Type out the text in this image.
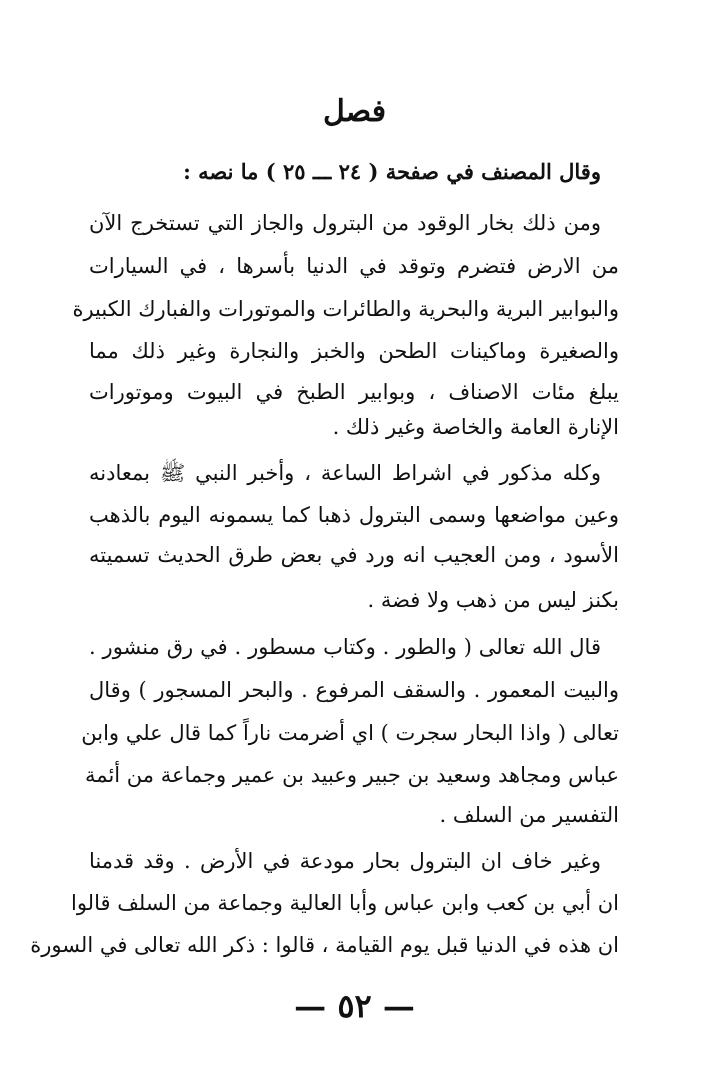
فصل
وقال المصنف في صفحة ( ٢٤ ـــ ٢٥ ) ما نصه :
ومن ذلك بخار الوقود من البترول والجاز التي تستخرج الآن
من الارض فتضرم وتوقد في الدنيا بأسرها ، في السيارات
والبوابير البرية والبحرية والطائرات والموتورات والفبارك الكبيرة
والصغيرة وماكينات الطحن والخبز والنجارة وغير ذلك مما
يبلغ مئات الاصناف ، وبوابير الطبخ في البيوت وموتورات
الإنارة العامة والخاصة وغير ذلك .
وكله مذكور في اشراط الساعة ، وأخبر النبي ﷺ بمعادنه
وعين مواضعها وسمى البترول ذهبا كما يسمونه اليوم بالذهب
الأسود ، ومن العجيب انه ورد في بعض طرق الحديث تسميته
بكنز ليس من ذهب ولا فضة .
قال الله تعالى ( والطور . وكتاب مسطور . في رق منشور .
والبيت المعمور . والسقف المرفوع . والبحر المسجور ) وقال
تعالى ( واذا البحار سجرت ) اي أضرمت ناراً كما قال علي وابن
عباس ومجاهد وسعيد بن جبير وعبيد بن عمير وجماعة من أئمة
التفسير من السلف .
وغير خاف ان البترول بحار مودعة في الأرض . وقد قدمنا
ان أبي بن كعب وابن عباس وأبا العالية وجماعة من السلف قالوا
ان هذه في الدنيا قبل يوم القيامة ، قالوا : ذكر الله تعالى في السورة
— ٥٢ —
